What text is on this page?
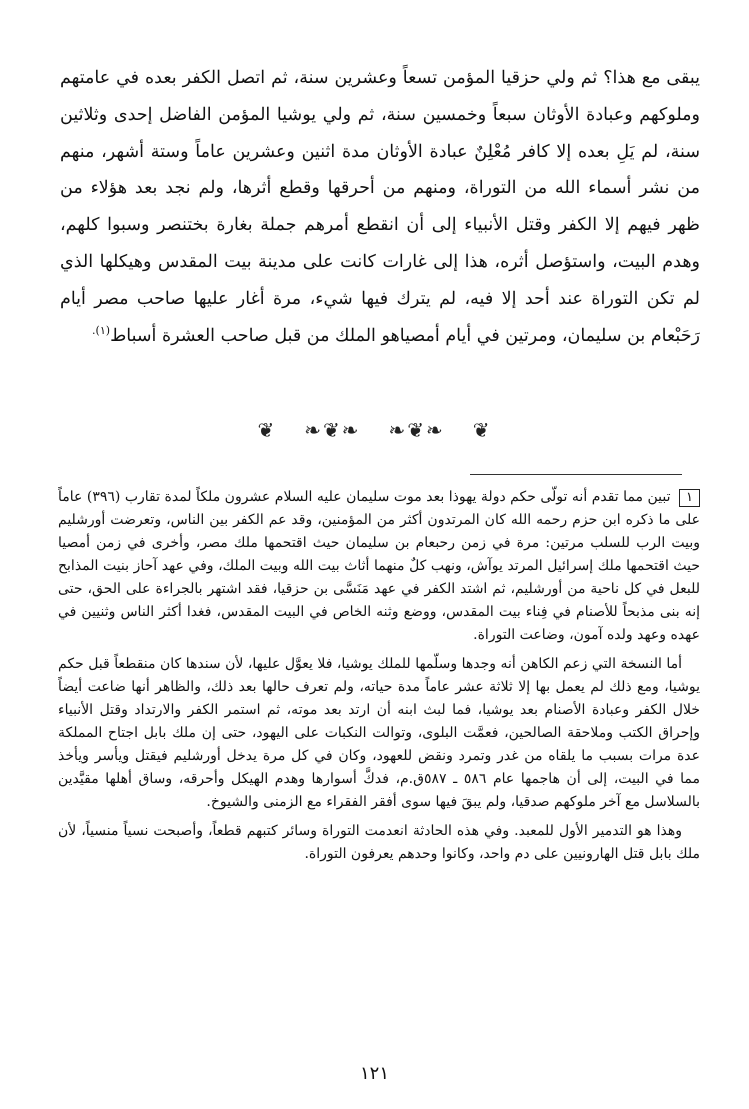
يبقى مع هذا؟ ثم ولي حزقيا المؤمن تسعاً وعشرين سنة، ثم اتصل الكفر بعده في عامتهم وملوكهم وعبادة الأوثان سبعاً وخمسين سنة، ثم ولي يوشيا المؤمن الفاضل إحدى وثلاثين سنة، لم يَلِ بعده إلا كافر مُعْلِنٌ عبادة الأوثان مدة اثنين وعشرين عاماً وستة أشهر، منهم من نشر أسماء الله من التوراة، ومنهم من أحرقها وقطع أثرها، ولم نجد بعد هؤلاء من ظهر فيهم إلا الكفر وقتل الأنبياء إلى أن انقطع أمرهم جملة بغارة بختنصر وسبوا كلهم، وهدم البيت، واستؤصل أثره، هذا إلى غارات كانت على مدينة بيت المقدس وهيكلها الذي لم تكن التوراة عند أحد إلا فيه، لم يترك فيها شيء، مرة أغار عليها صاحب مصر أيام رَحَبْعام بن سليمان، ومرتين في أيام أمصياهو الملك من قبل صاحب العشرة أسباط$^{(١).}$

❦ ❧❦❧ ❧❦❧ ❦

١ تبين مما تقدم أنه تولّى حكم دولة يهوذا بعد موت سليمان عليه السلام عشرون ملكاً لمدة تقارب (٣٩٦) عاماً على ما ذكره ابن حزم رحمه الله كان المرتدون أكثر من المؤمنين، وقد عم الكفر بين الناس، وتعرضت أورشليم وبيت الرب للسلب مرتين: مرة في زمن رحبعام بن سليمان حيث اقتحمها ملك مصر، وأخرى في زمن أمصيا حيث اقتحمها ملك إسرائيل المرتد يوآش، ونهب كلٌ منهما أثاث بيت الله وبيت الملك، وفي عهد آحاز بنيت المذابح للبعل في كل ناحية من أورشليم، ثم اشتد الكفر في عهد مَنَسَّى بن حزقيا، فقد اشتهر بالجراءة على الحق، حتى إنه بنى مذبحاً للأصنام في فِناء بيت المقدس، ووضع وثنه الخاص في البيت المقدس، فغدا أكثر الناس وثنيين في عهده وعهد ولده آمون، وضاعت التوراة.

أما النسخة التي زعم الكاهن أنه وجدها وسلّمها للملك يوشيا، فلا يعوَّل عليها، لأن سندها كان منقطعاً قبل حكم يوشيا، ومع ذلك لم يعمل بها إلا ثلاثة عشر عاماً مدة حياته، ولم تعرف حالها بعد ذلك، والظاهر أنها ضاعت أيضاً خلال الكفر وعبادة الأصنام بعد يوشيا، فما لبث ابنه أن ارتد بعد موته، ثم استمر الكفر والارتداد وقتل الأنبياء وإحراق الكتب وملاحقة الصالحين، فعمَّت البلوى، وتوالت النكبات على اليهود، حتى إن ملك بابل اجتاح المملكة عدة مرات بسبب ما يلقاه من غدر وتمرد ونقض للعهود، وكان في كل مرة يدخل أورشليم فيقتل ويأسر ويأخذ مما في البيت، إلى أن هاجمها عام ٥٨٦ ـ ٥٨٧ق.م، فدكَّ أسوارها وهدم الهيكل وأحرقه، وساق أهلها مقيَّدين بالسلاسل مع آخر ملوكهم صدقيا، ولم يبقَ فيها سوى أفقر الفقراء مع الزمنى والشيوخ.

وهذا هو التدمير الأول للمعبد. وفي هذه الحادثة انعدمت التوراة وسائر كتبهم قطعاً، وأصبحت نسياً منسياً، لأن ملك بابل قتل الهارونيين على دم واحد، وكانوا وحدهم يعرفون التوراة.

١٢١
